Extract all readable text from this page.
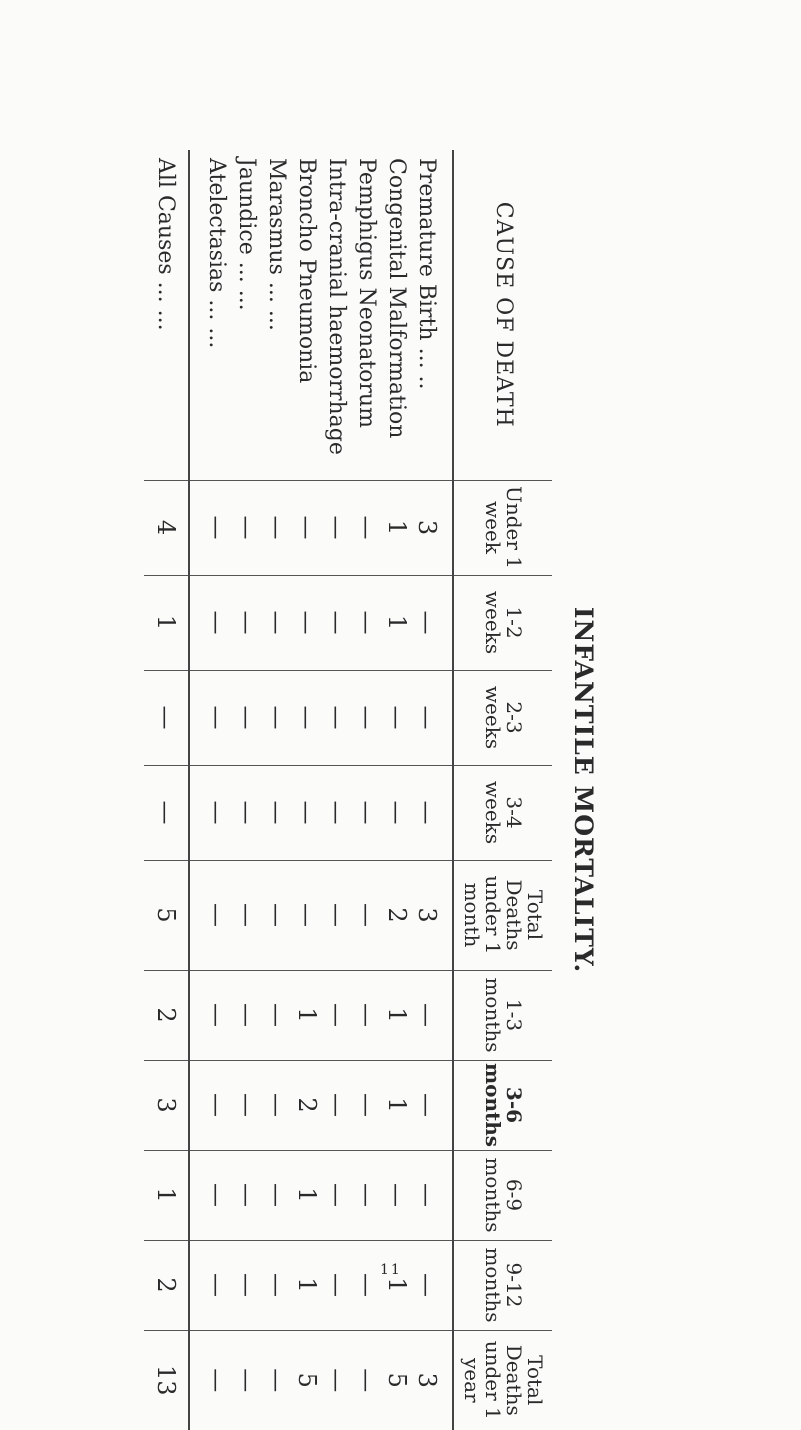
INFANTILE MORTALITY.
CAUSE OF DEATH	Under 1 week	1-2 weeks	2-3 weeks	3-4 weeks	Total Deaths under 1 month	1-3 months	3-6 months	6-9 months	9-12 months	Total Deaths under 1 year
Premature Birth ... ..	3	—	—	—	3	—	—	—	—	3
Congenital Malformation	1	1	—	—	2	1	1	—	1	5
Pemphigus Neonatorum	—	—	—	—	—	—	—	—	—	—
Intra-cranial haemorrhage	—	—	—	—	—	—	—	—	—	—
Broncho Pneumonia	—	—	—	—	—	1	2	1	1	5
Marasmus ... ...	—	—	—	—	—	—	—	—	—	—
Jaundice ... ...	—	—	—	—	—	—	—	—	—	—
Atelectasias ... ...	—	—	—	—	—	—	—	—	—	—

All Causes ... ...	4	1	—	—	5	2	3	1	2	13
11
